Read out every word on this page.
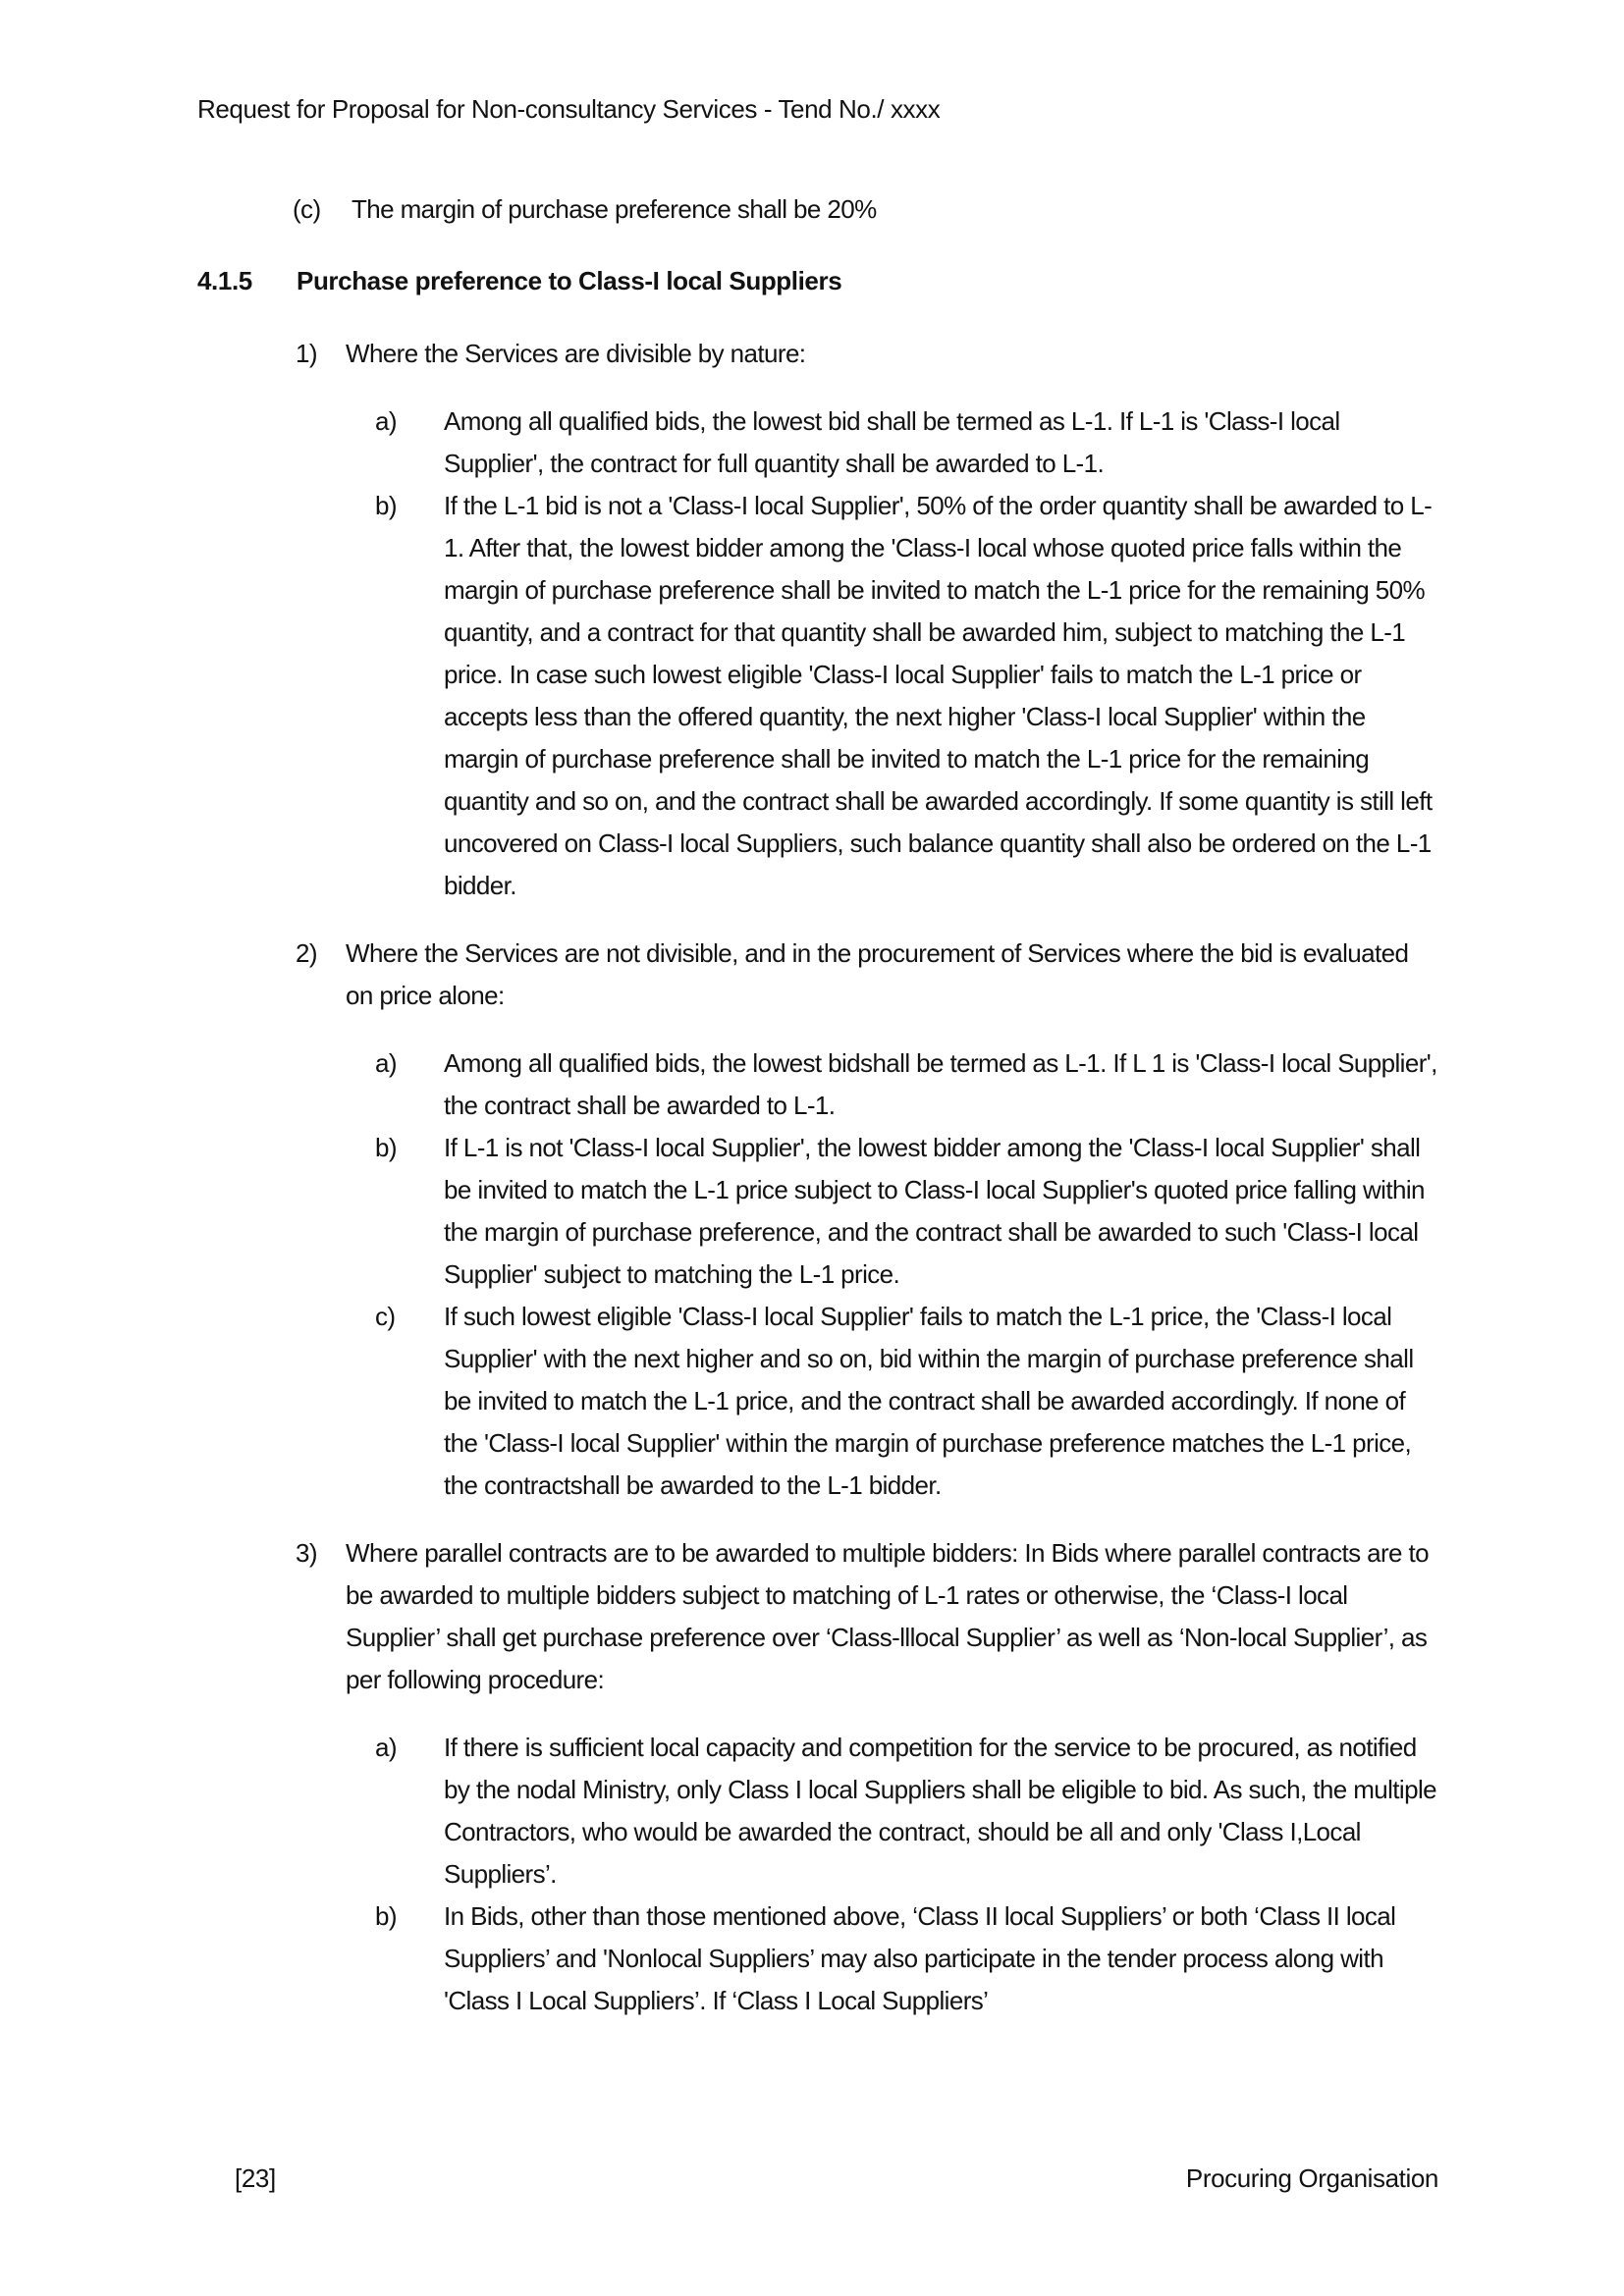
Request for Proposal for Non-consultancy Services - Tend No./ xxxx
(c)	The margin of purchase preference shall be 20%
4.1.5	Purchase preference to Class-I local Suppliers
1)	Where the Services are divisible by nature:
a)	Among all qualified bids, the lowest bid shall be termed as L-1. If L-1 is 'Class-I local Supplier', the contract for full quantity shall be awarded to L-1.
b)	If the L-1 bid is not a 'Class-I local Supplier', 50% of the order quantity shall be awarded to L-1. After that, the lowest bidder among the 'Class-I local whose quoted price falls within the margin of purchase preference shall be invited to match the L-1 price for the remaining 50% quantity, and a contract for that quantity shall be awarded him, subject to matching the L-1 price. In case such lowest eligible 'Class-I local Supplier' fails to match the L-1 price or accepts less than the offered quantity, the next higher 'Class-I local Supplier' within the margin of purchase preference shall be invited to match the L-1 price for the remaining quantity and so on, and the contract shall be awarded accordingly. If some quantity is still left uncovered on Class-I local Suppliers, such balance quantity shall also be ordered on the L-1 bidder.
2)	Where the Services are not divisible, and in the procurement of Services where the bid is evaluated on price alone:
a)	Among all qualified bids, the lowest bidshall be termed as L-1. If L 1 is 'Class-I local Supplier', the contract shall be awarded to L-1.
b)	If L-1 is not 'Class-I local Supplier', the lowest bidder among the 'Class-I local Supplier' shall be invited to match the L-1 price subject to Class-I local Supplier's quoted price falling within the margin of purchase preference, and the contract shall be awarded to such 'Class-I local Supplier' subject to matching the L-1 price.
c)	If such lowest eligible 'Class-I local Supplier' fails to match the L-1 price, the 'Class-I local Supplier' with the next higher and so on, bid within the margin of purchase preference shall be invited to match the L-1 price, and the contract shall be awarded accordingly. If none of the 'Class-I local Supplier' within the margin of purchase preference matches the L-1 price, the contractshall be awarded to the L-1 bidder.
3)	Where parallel contracts are to be awarded to multiple bidders: In Bids where parallel contracts are to be awarded to multiple bidders subject to matching of L-1 rates or otherwise, the ‘Class-I local Supplier’ shall get purchase preference over ‘Class-lllocal Supplier’ as well as ‘Non-local Supplier’, as per following procedure:
a)	If there is sufficient local capacity and competition for the service to be procured, as notified by the nodal Ministry, only Class I local Suppliers shall be eligible to bid. As such, the multiple Contractors, who would be awarded the contract, should be all and only 'Class I,Local Suppliers’.
b)	In Bids, other than those mentioned above, ‘Class II local Suppliers’ or both ‘Class II local Suppliers’ and 'Nonlocal Suppliers’ may also participate in the tender process along with 'Class I Local Suppliers’. If ‘Class I Local Suppliers’
[23]	Procuring Organisation
